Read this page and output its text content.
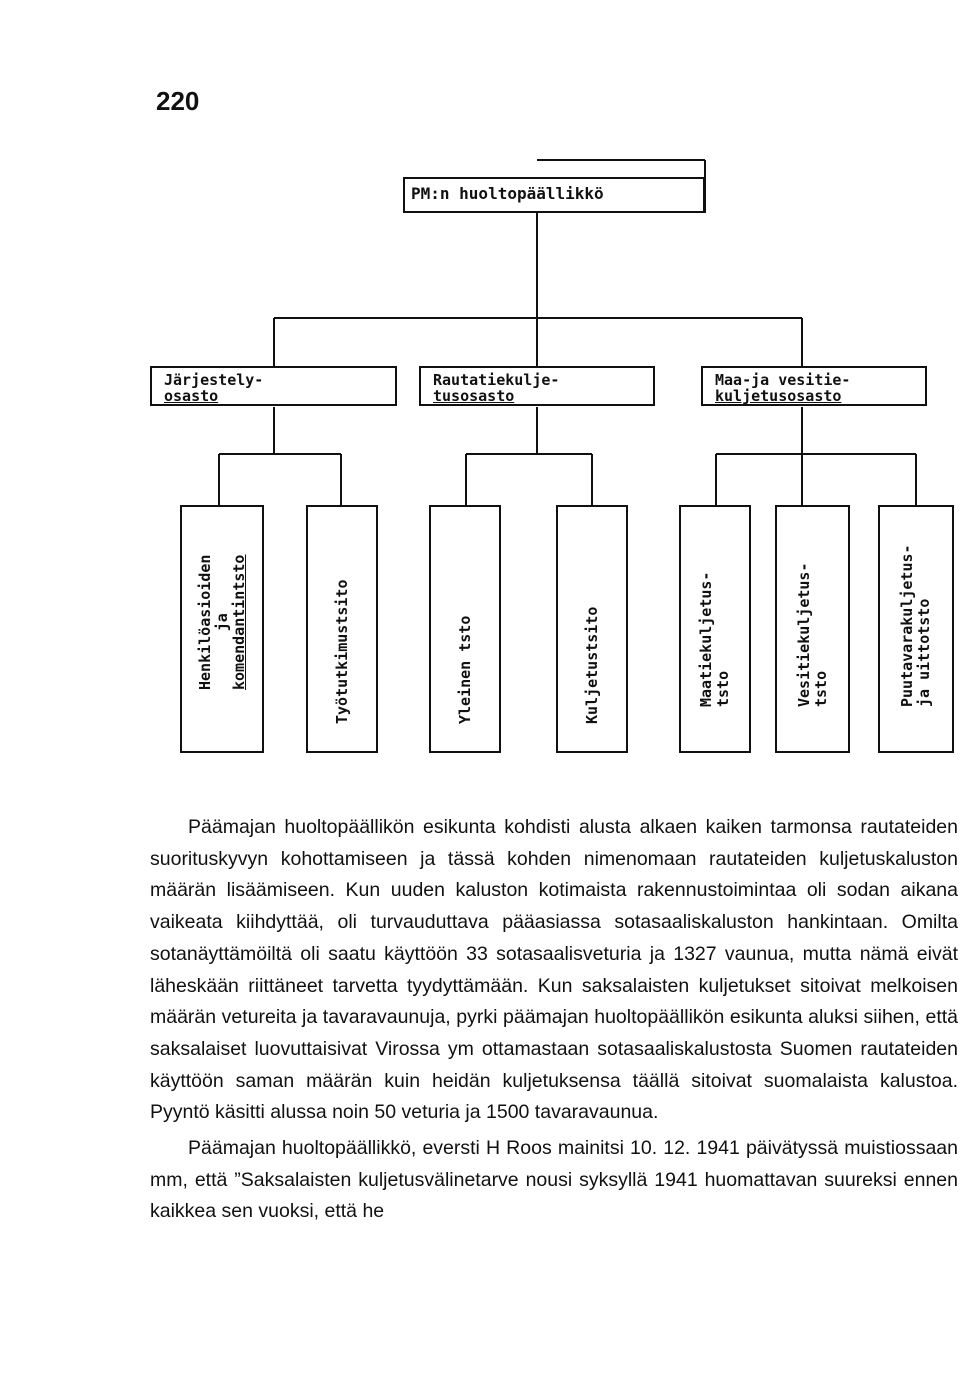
220
PM:n huoltopäällikkö
Järjestely-
osasto
Rautatiekulje-
tusosasto
Maa-ja vesitie-
kuljetusosasto
Henkilöasioiden ja komendantintsto	Työtutkimustsito	Yleinen tsto	Kuljetustsito	Maatiekuljetus- tsto	Vesitiekuljetus- tsto	Puutavarakuljetus- ja uittotsto

Päämajan huoltopäällikön esikunta kohdisti alusta alkaen kaiken tarmonsa rautateiden suorituskyvyn kohottamiseen ja tässä kohden nimenomaan rautateiden kuljetuskaluston määrän lisäämiseen. Kun uuden kaluston kotimaista rakennustoimintaa oli sodan aikana vaikeata kiihdyttää, oli turvauduttava pääasiassa sotasaaliskaluston hankintaan. Omilta sotanäyttämöiltä oli saatu käyttöön 33 sotasaalisveturia ja 1327 vaunua, mutta nämä eivät läheskään riittäneet tarvetta tyydyttämään. Kun saksalaisten kuljetukset sitoivat melkoisen määrän vetureita ja tavaravaunuja, pyrki päämajan huoltopäällikön esikunta aluksi siihen, että saksalaiset luovuttaisivat Virossa ym ottamastaan sotasaaliskalustosta Suomen rautateiden käyttöön saman määrän kuin heidän kuljetuksensa täällä sitoivat suomalaista kalustoa. Pyyntö käsitti alussa noin 50 veturia ja 1500 tavaravaunua.

Päämajan huoltopäällikkö, eversti H Roos mainitsi 10. 12. 1941 päivätyssä muistiossaan mm, että ”Saksalaisten kuljetusvälinetarve nousi syksyllä 1941 huomattavan suureksi ennen kaikkea sen vuoksi, että he
